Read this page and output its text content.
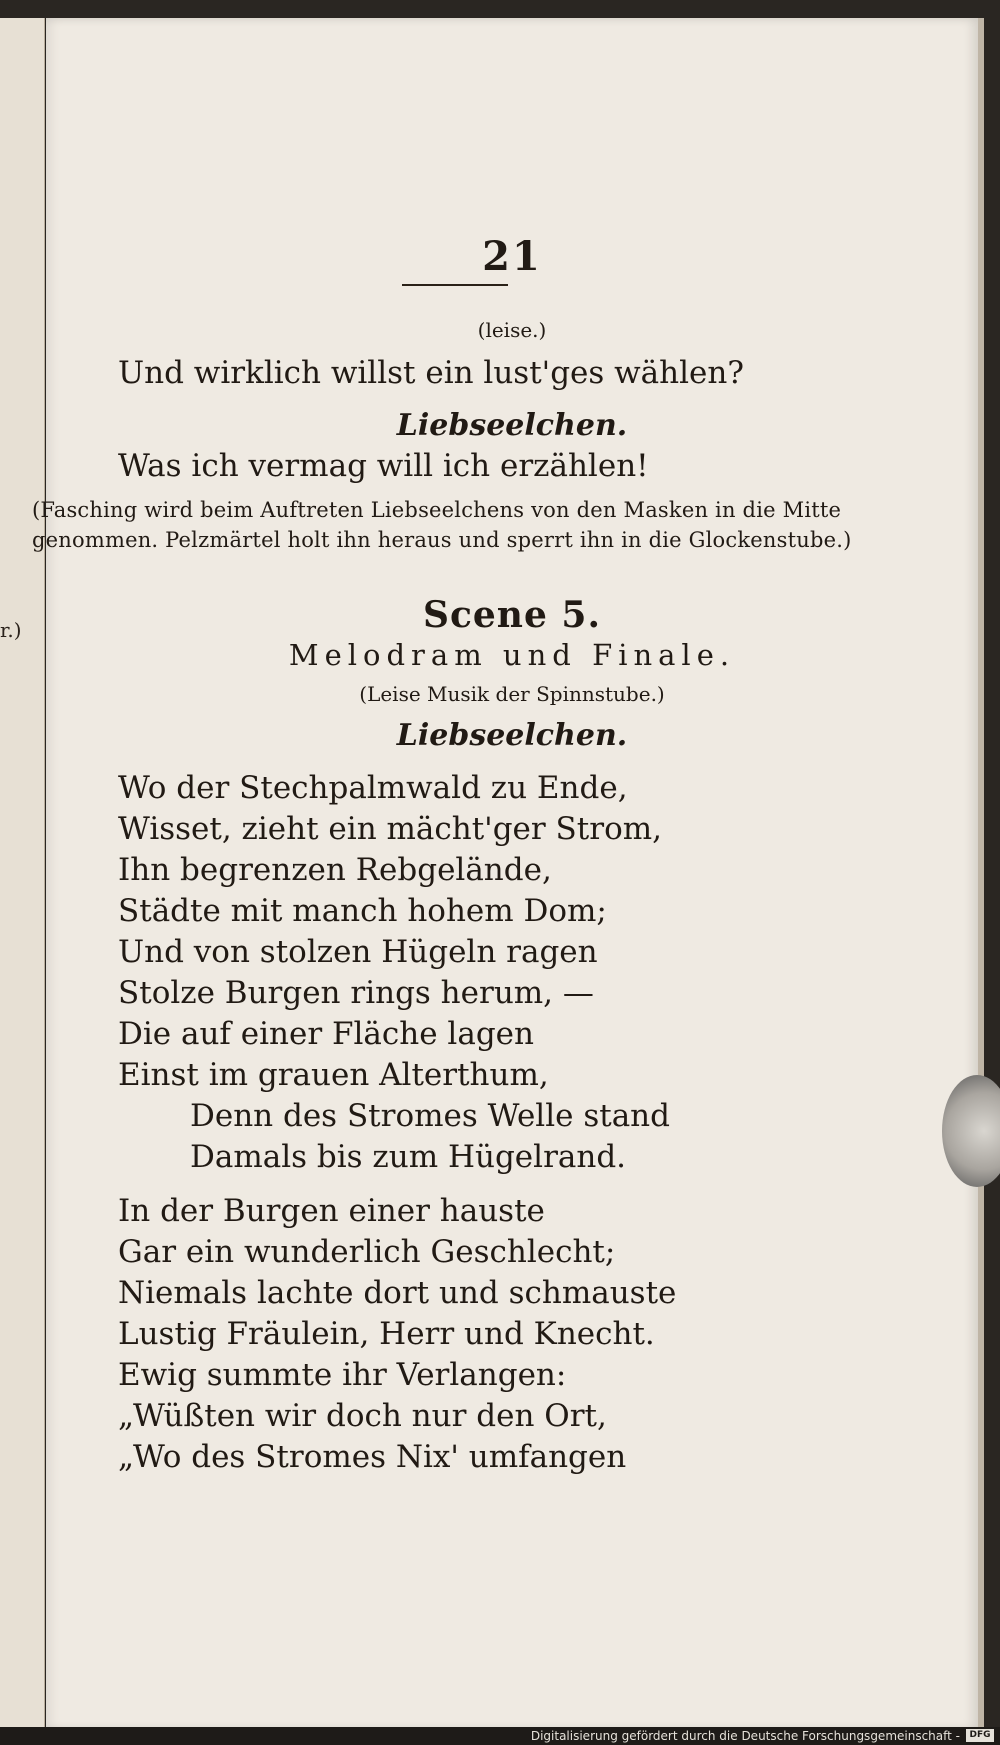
r.)
21
(leise.)
Und wirklich willst ein lust'ges wählen?
Liebseelchen.
Was ich vermag will ich erzählen!
(Fasching wird beim Auftreten Liebseelchens von den Masken in die Mitte
genommen. Pelzmärtel holt ihn heraus und sperrt ihn in die Glockenstube.)
Scene 5.
Melodram und Finale.
(Leise Musik der Spinnstube.)
Liebseelchen.
Wo der Stechpalmwald zu Ende,
Wisset, zieht ein mächt'ger Strom,
Ihn begrenzen Rebgelände,
Städte mit manch hohem Dom;
Und von stolzen Hügeln ragen
Stolze Burgen rings herum, —
Die auf einer Fläche lagen
Einst im grauen Alterthum,
Denn des Stromes Welle stand
Damals bis zum Hügelrand.
In der Burgen einer hauste
Gar ein wunderlich Geschlecht;
Niemals lachte dort und schmauste
Lustig Fräulein, Herr und Knecht.
Ewig summte ihr Verlangen:
„Wüßten wir doch nur den Ort,
„Wo des Stromes Nix' umfangen
Digitalisierung gefördert durch die Deutsche Forschungsgemeinschaft -	DFG
